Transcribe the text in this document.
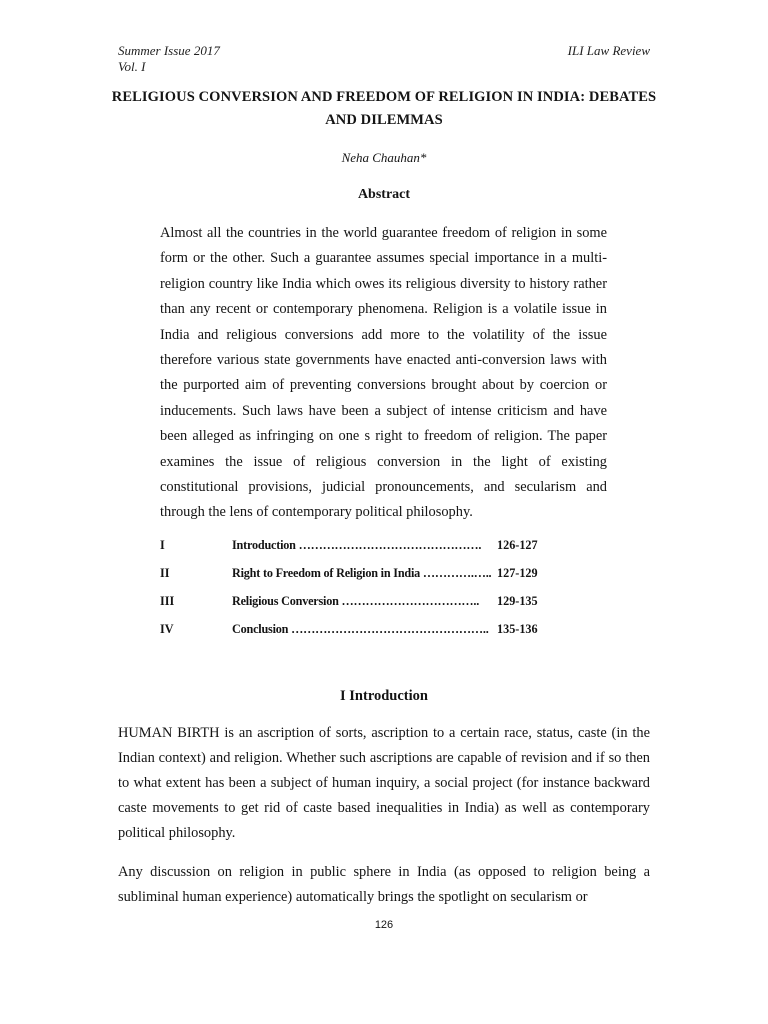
Summer Issue 2017
Vol. I
ILI Law Review
RELIGIOUS CONVERSION AND FREEDOM OF RELIGION IN INDIA: DEBATES AND DILEMMAS
Neha Chauhan*
Abstract

Almost all the countries in the world guarantee freedom of religion in some form or the other. Such a guarantee assumes special importance in a multi-religion country like India which owes its religious diversity to history rather than any recent or contemporary phenomena. Religion is a volatile issue in India and religious conversions add more to the volatility of the issue therefore various state governments have enacted anti-conversion laws with the purported aim of preventing conversions brought about by coercion or inducements. Such laws have been a subject of intense criticism and have been alleged as infringing on one s right to freedom of religion. The paper examines the issue of religious conversion in the light of existing constitutional provisions, judicial pronouncements, and secularism and through the lens of contemporary political philosophy.

I	Introduction ………………………………………. 126-127
II	Right to Freedom of Religion in India ………….….. 127-129
III	Religious Conversion …………………………….. 129-135
IV	Conclusion ………………………………………….. 135-136
I Introduction

HUMAN BIRTH is an ascription of sorts, ascription to a certain race, status, caste (in the Indian context) and religion. Whether such ascriptions are capable of revision and if so then to what extent has been a subject of human inquiry, a social project (for instance backward caste movements to get rid of caste based inequalities in India) as well as contemporary political philosophy.

Any discussion on religion in public sphere in India (as opposed to religion being a subliminal human experience) automatically brings the spotlight on secularism or

126
